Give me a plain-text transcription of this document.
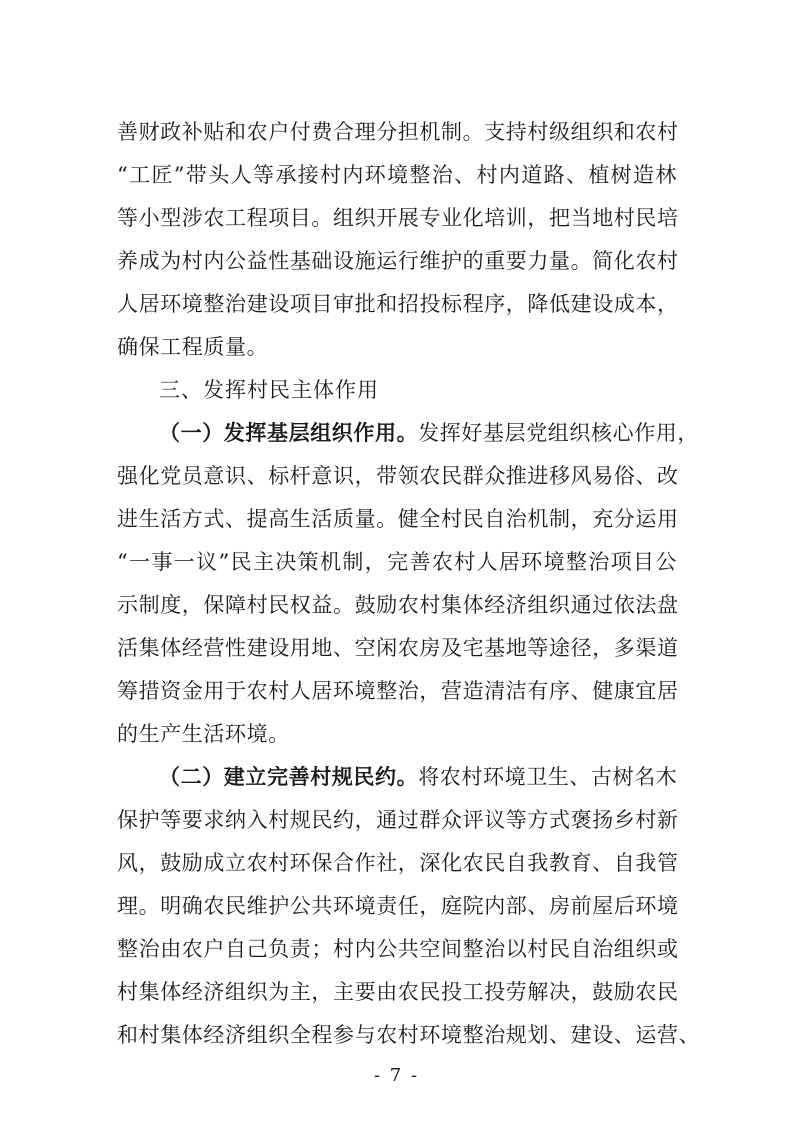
善财政补贴和农户付费合理分担机制。支持村级组织和农村
“工匠”带头人等承接村内环境整治、村内道路、植树造林
等小型涉农工程项目。组织开展专业化培训，把当地村民培
养成为村内公益性基础设施运行维护的重要力量。简化农村
人居环境整治建设项目审批和招投标程序，降低建设成本，
确保工程质量。
三、发挥村民主体作用
（一）发挥基层组织作用。发挥好基层党组织核心作用，
强化党员意识、标杆意识，带领农民群众推进移风易俗、改
进生活方式、提高生活质量。健全村民自治机制，充分运用
“一事一议”民主决策机制，完善农村人居环境整治项目公
示制度，保障村民权益。鼓励农村集体经济组织通过依法盘
活集体经营性建设用地、空闲农房及宅基地等途径，多渠道
筹措资金用于农村人居环境整治，营造清洁有序、健康宜居
的生产生活环境。
（二）建立完善村规民约。将农村环境卫生、古树名木
保护等要求纳入村规民约，通过群众评议等方式褒扬乡村新
风，鼓励成立农村环保合作社，深化农民自我教育、自我管
理。明确农民维护公共环境责任，庭院内部、房前屋后环境
整治由农户自己负责；村内公共空间整治以村民自治组织或
村集体经济组织为主，主要由农民投工投劳解决，鼓励农民
- 7 -
和村集体经济组织全程参与农村环境整治规划、建设、运营、
